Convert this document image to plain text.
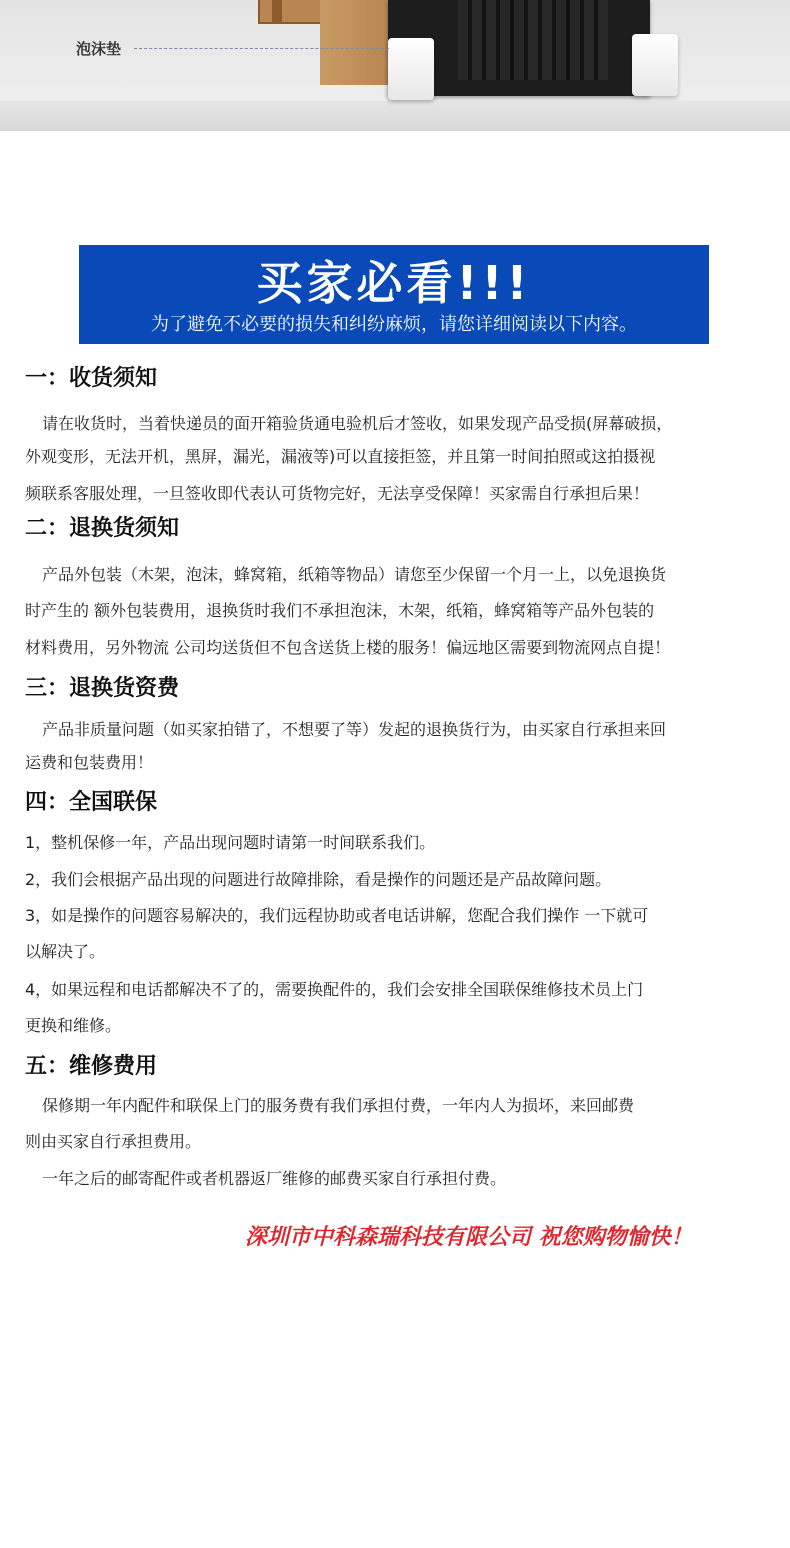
泡沫垫
买家必看!!!
为了避免不必要的损失和纠纷麻烦，请您详细阅读以下内容。
一：收货须知
请在收货时，当着快递员的面开箱验货通电验机后才签收，如果发现产品受损(屏幕破损，
外观变形，无法开机，黑屏，漏光，漏液等)可以直接拒签，并且第一时间拍照或这拍摄视
频联系客服处理，一旦签收即代表认可货物完好，无法享受保障！买家需自行承担后果！
二：退换货须知
产品外包装（木架，泡沫，蜂窝箱，纸箱等物品）请您至少保留一个月一上，以免退换货
时产生的 额外包装费用，退换货时我们不承担泡沫，木架，纸箱，蜂窝箱等产品外包装的
材料费用，另外物流 公司均送货但不包含送货上楼的服务！偏远地区需要到物流网点自提！
三：退换货资费
产品非质量问题（如买家拍错了，不想要了等）发起的退换货行为，由买家自行承担来回
运费和包装费用！
四：全国联保
1，整机保修一年，产品出现问题时请第一时间联系我们。
2，我们会根据产品出现的问题进行故障排除，看是操作的问题还是产品故障问题。
3，如是操作的问题容易解决的，我们远程协助或者电话讲解，您配合我们操作 一下就可
以解决了。
4，如果远程和电话都解决不了的，需要换配件的，我们会安排全国联保维修技术员上门
更换和维修。
五：维修费用
保修期一年内配件和联保上门的服务费有我们承担付费，一年内人为损坏，来回邮费
则由买家自行承担费用。
一年之后的邮寄配件或者机器返厂维修的邮费买家自行承担付费。
深圳市中科森瑞科技有限公司 祝您购物愉快！
